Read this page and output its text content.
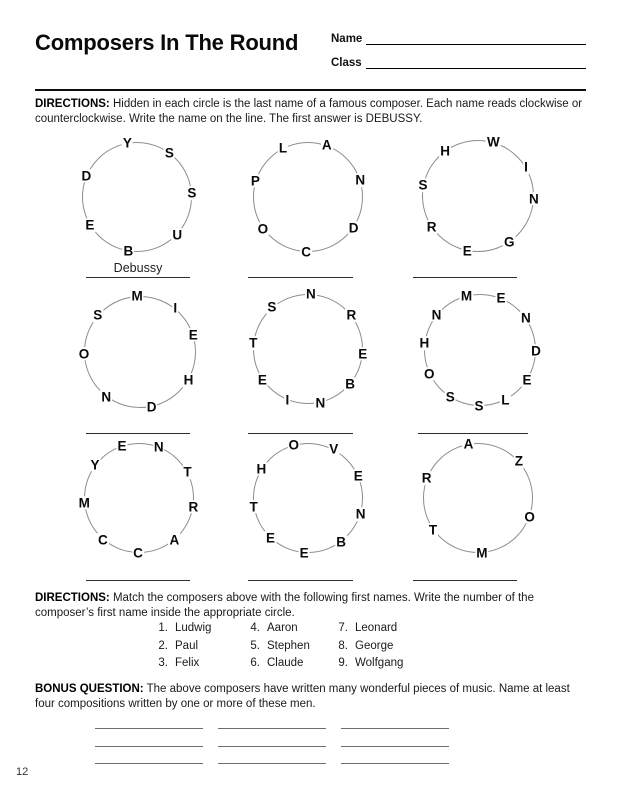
Composers In The Round	Name
Class

DIRECTIONS: Hidden in each circle is the last name of a famous composer. Each name reads clockwise or counterclockwise. Write the name on the line. The first answer is DEBUSSY.

D
E
B
U
S
S
Y
C
O
P
L	A
N
D
G
E
R
S
H
W
I
N
S
O
N
D
H
E
I
M
B
E
R
N
S
T
E
I N
M E
N
D
E
L
S
S
O
H
N
M
C
C
A
R
T
N
E
Y
B
E
E
T
H
O V
E
N
M
O
Z
A
R
T
Debussy

DIRECTIONS: Match the composers above with the following first names. Write the number of the composer’s first name inside the appropriate circle.

1. Ludwig
2. Paul
3. Felix
4. Aaron
5. Stephen
6. Claude
7. Leonard
8. George
9. Wolfgang

BONUS QUESTION: The above composers have written many wonderful pieces of music. Name at least four compositions written by one or more of these men.

12
